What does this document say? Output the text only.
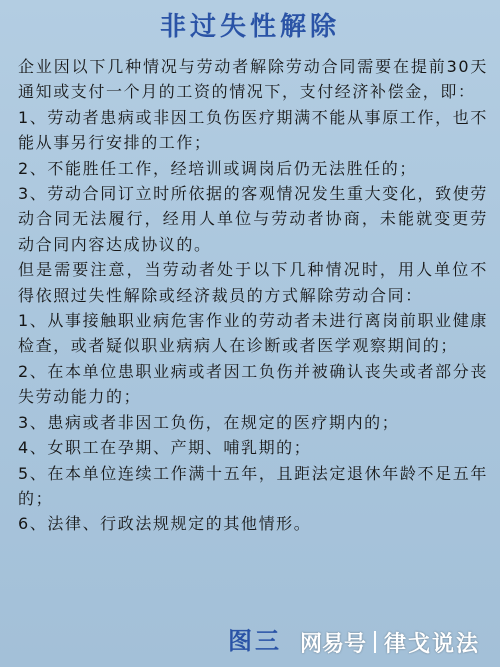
非过失性解除

企业因以下几种情况与劳动者解除劳动合同需要在提前30天通知或支付一个月的工资的情况下，支付经济补偿金，即：

1、劳动者患病或非因工负伤医疗期满不能从事原工作，也不能从事另行安排的工作；

2、不能胜任工作，经培训或调岗后仍无法胜任的；

3、劳动合同订立时所依据的客观情况发生重大变化，致使劳动合同无法履行，经用人单位与劳动者协商，未能就变更劳动合同内容达成协议的。

但是需要注意，当劳动者处于以下几种情况时，用人单位不得依照过失性解除或经济裁员的方式解除劳动合同：

1、从事接触职业病危害作业的劳动者未进行离岗前职业健康检查，或者疑似职业病病人在诊断或者医学观察期间的；

2、在本单位患职业病或者因工负伤并被确认丧失或者部分丧失劳动能力的；

3、患病或者非因工负伤，在规定的医疗期内的；

4、女职工在孕期、产期、哺乳期的；

5、在本单位连续工作满十五年，且距法定退休年龄不足五年的；

6、法律、行政法规规定的其他情形。

图三 网易号 律戈说法
